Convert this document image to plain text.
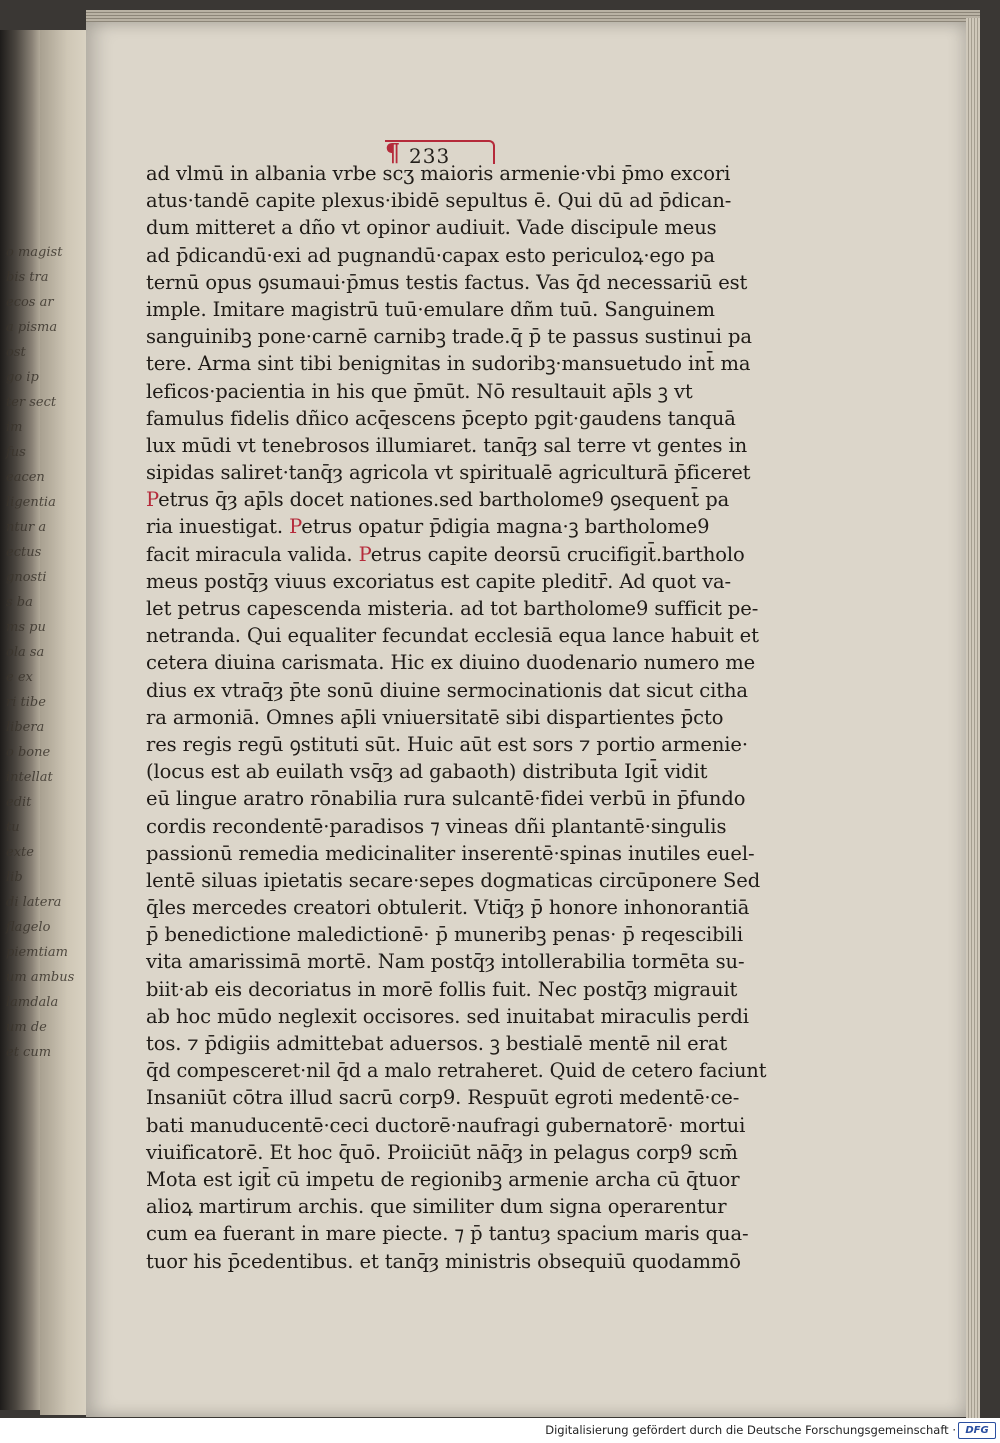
o magist
bis tra
ecos ar
a pisma
ost
go ip
ter sect
im
fus
eacen
ligentia
ntur a
ectus
gnosti
s ba
ms pu
ola sa
e ex
ri tibe
libera
o bone
intellat
edit
tu
exte
lib
di latera
flagelo
piemtiam
um ambus
lamdala
um de
et cum
¶ 233
ad vlmū in albania vrbe scʒ maioris armenie·vbi p̄mo excori
atus·tandē capite plexus·ibidē sepultus ē. Qui dū ad p̄dican-
dum mitteret a dño vt opinor audiuit. Vade discipule meus
ad p̄dicandū·exi ad pugnandū·capax esto periculoꝝ·ego pa
ternū opus ꝯsumaui·p̄mus testis factus. Vas q̄d necessariū est
imple. Imitare magistrū tuū·emulare dñm tuū. Sanguinem
sanguinibꝫ pone·carnē carnibꝫ trade.q̄ p̄ te passus sustinui pa
tere. Arma sint tibi benignitas in sudoribꝫ·mansuetudo int̄ ma
leficos·pacientia in his que p̄mūt. Nō resultauit ap̄ls ꝫ vt
famulus fidelis dñico acq̄escens p̄cepto pgit·gaudens tanquā
lux mūdi vt tenebrosos illumiaret. tanq̄ȝ sal terre vt gentes in
sipidas saliret·tanq̄ȝ agricola vt spiritualē agriculturā p̄ficeret
Petrus q̄ȝ ap̄ls docet nationes.sed bartholome9 ꝯsequent̄ pa
ria inuestigat. Petrus opatur p̄digia magna·ꝫ bartholome9
facit miracula valida. Petrus capite deorsū crucifigit̄.bartholo
meus postq̄ȝ viuus excoriatus est capite pleditr̄. Ad quot va-
let petrus capescenda misteria. ad tot bartholome9 sufficit pe-
netranda. Qui equaliter fecundat ecclesiā equa lance habuit et
cetera diuina carismata. Hic ex diuino duodenario numero me
dius ex vtraq̄ȝ p̄te sonū diuine sermocinationis dat sicut citha
ra armoniā. Omnes ap̄li vniuersitatē sibi dispartientes p̄cto
res regis regū ꝯstituti sūt. Huic aūt est sors ⁊ portio armenie·
(locus est ab euilath vsq̄ȝ ad gabaoth) distributa Igit̄ vidit
eū lingue aratro rōnabilia rura sulcantē·fidei verbū in p̄fundo
cordis recondentē·paradisos ⁊ vineas dñi plantantē·singulis
passionū remedia medicinaliter inserentē·spinas inutiles euel-
lentē siluas ipietatis secare·sepes dogmaticas circūponere Sed
q̄les mercedes creatori obtulerit. Vtiq̄ȝ p̄ honore inhonorantiā
p̄ benedictione maledictionē· p̄ muneribꝫ penas· p̄ reqescibili
vita amarissimā mortē. Nam postq̄ȝ intollerabilia tormēta su-
biit·ab eis decoriatus in morē follis fuit. Nec postq̄ȝ migrauit
ab hoc mūdo neglexit occisores. sed inuitabat miraculis perdi
tos. ⁊ p̄digiis admittebat aduersos. ꝫ bestialē mentē nil erat
q̄d compesceret·nil q̄d a malo retraheret. Quid de cetero faciunt
Insaniūt cōtra illud sacrū corp9. Respuūt egroti medentē·ce-
bati manuducentē·ceci ductorē·naufragi gubernatorē· mortui
viuificatorē. Et hoc q̄uō. Proiiciūt nāq̄ȝ in pelagus corp9 scm̄
Mota est igit̄ cū impetu de regionibꝫ armenie archa cū q̄tuor
alioꝝ martirum archis. que similiter dum signa operarentur
cum ea fuerant in mare piecte. ⁊ p̄ tantuȝ spacium maris qua-
tuor his p̄cedentibus. et tanq̄ȝ ministris obsequiū quodammō
Digitalisierung gefördert durch die Deutsche Forschungsgemeinschaft · DFG
